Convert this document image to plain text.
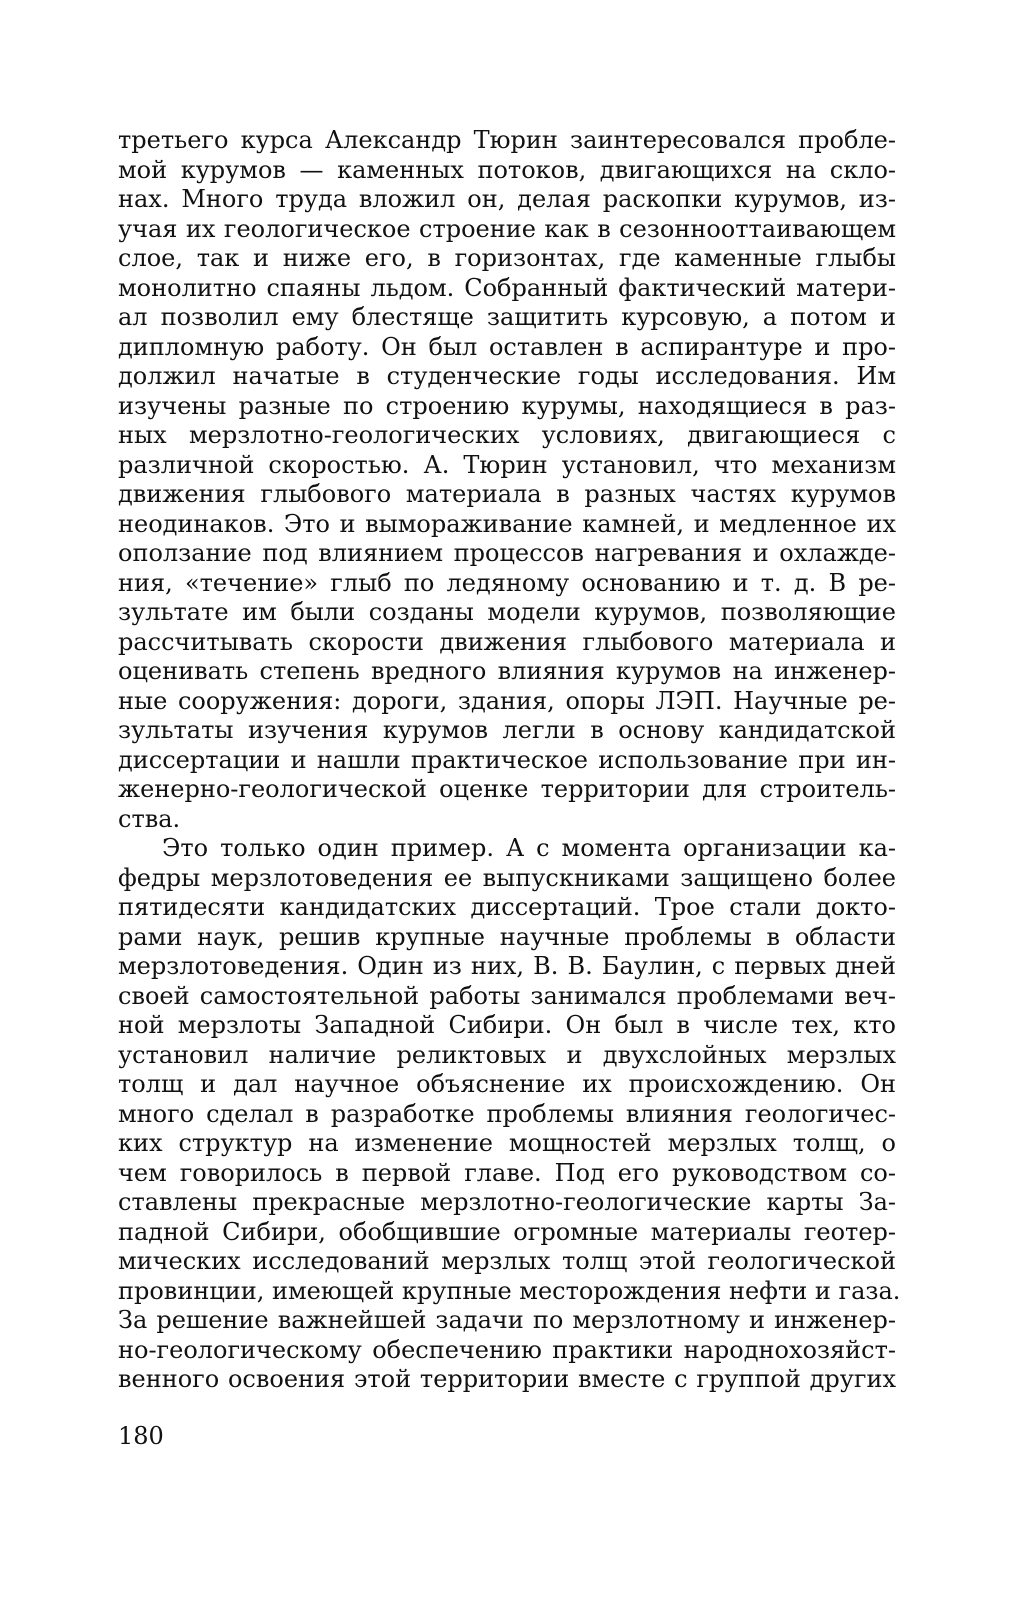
третьего курса Александр Тюрин заинтересовался пробле-
мой курумов — каменных потоков, двигающихся на скло-
нах. Много труда вложил он, делая раскопки курумов, из-
учая их геологическое строение как в сезоннооттаивающем
слое, так и ниже его, в горизонтах, где каменные глыбы
монолитно спаяны льдом. Собранный фактический матери-
ал позволил ему блестяще защитить курсовую, а потом и
дипломную работу. Он был оставлен в аспирантуре и про-
должил начатые в студенческие годы исследования. Им
изучены разные по строению курумы, находящиеся в раз-
ных мерзлотно-геологических условиях, двигающиеся с
различной скоростью. А. Тюрин установил, что механизм
движения глыбового материала в разных частях курумов
неодинаков. Это и вымораживание камней, и медленное их
оползание под влиянием процессов нагревания и охлажде-
ния, «течение» глыб по ледяному основанию и т. д. В ре-
зультате им были созданы модели курумов, позволяющие
рассчитывать скорости движения глыбового материала и
оценивать степень вредного влияния курумов на инженер-
ные сооружения: дороги, здания, опоры ЛЭП. Научные ре-
зультаты изучения курумов легли в основу кандидатской
диссертации и нашли практическое использование при ин-
женерно-геологической оценке территории для строитель-
ства.
Это только один пример. А с момента организации ка-
федры мерзлотоведения ее выпускниками защищено более
пятидесяти кандидатских диссертаций. Трое стали докто-
рами наук, решив крупные научные проблемы в области
мерзлотоведения. Один из них, В. В. Баулин, с первых дней
своей самостоятельной работы занимался проблемами веч-
ной мерзлоты Западной Сибири. Он был в числе тех, кто
установил наличие реликтовых и двухслойных мерзлых
толщ и дал научное объяснение их происхождению. Он
много сделал в разработке проблемы влияния геологичес-
ких структур на изменение мощностей мерзлых толщ, о
чем говорилось в первой главе. Под его руководством со-
ставлены прекрасные мерзлотно-геологические карты За-
падной Сибири, обобщившие огромные материалы геотер-
мических исследований мерзлых толщ этой геологической
провинции, имеющей крупные месторождения нефти и газа.
За решение важнейшей задачи по мерзлотному и инженер-
но-геологическому обеспечению практики народнохозяйст-
венного освоения этой территории вместе с группой других
180
